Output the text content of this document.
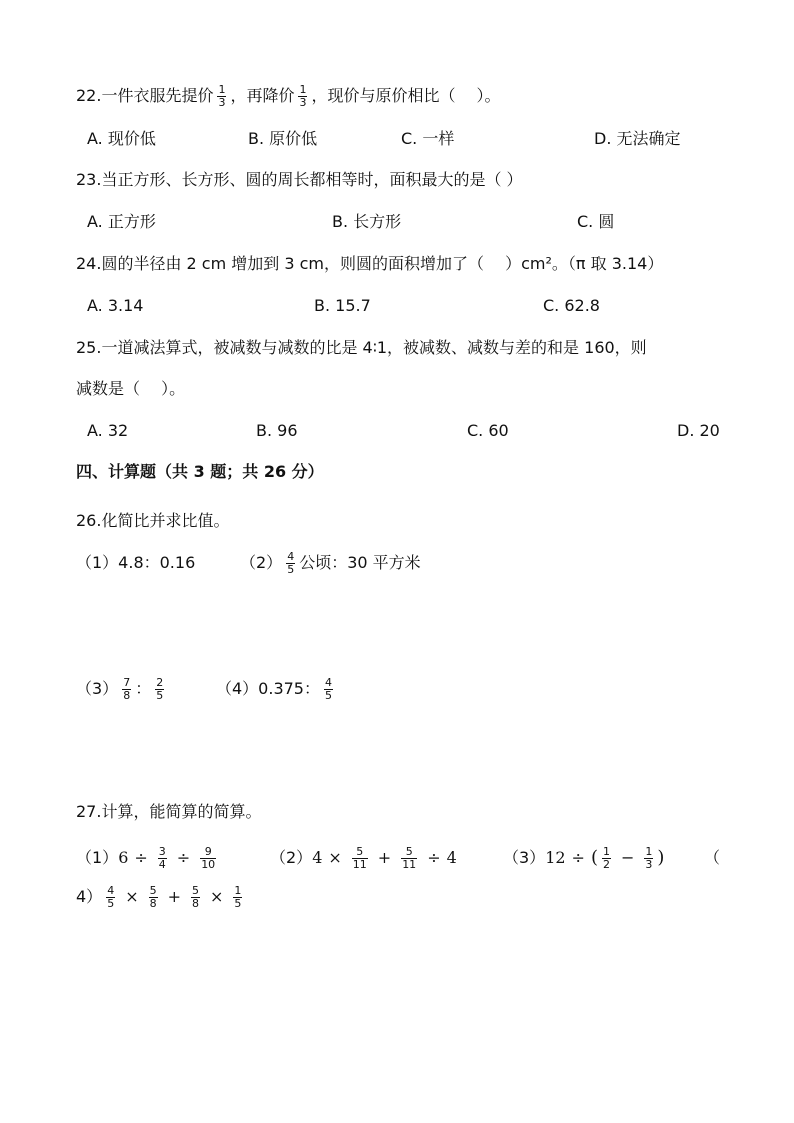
22.一件衣服先提价 $\frac{1}{3}$ ，再降价 $\frac{1}{3}$ ，现价与原价相比（　 ）。
A. 现价低	B. 原价低	C. 一样	D. 无法确定
23.当正方形、长方形、圆的周长都相等时，面积最大的是（ ）
A. 正方形	B. 长方形	C. 圆
24.圆的半径由 2 cm 增加到 3 cm，则圆的面积增加了（　 ）cm²。（π 取 3.14）
A. 3.14	B. 15.7	C. 62.8
25.一道减法算式，被减数与减数的比是 4∶1，被减数、减数与差的和是 160，则
减数是（　 ）。
A. 32	B. 96	C. 60	D. 20
四、计算题（共 3 题；共 26 分）
26.化简比并求比值。
（1）4.8：0.16	$(2) \frac{4}{5}$ 公顷：30 平方米
$(3) \frac{7}{8}$ ： $\frac{2}{5}$	（4）0.375： $\frac{4}{5}$
27.计算，能简算的简算。
$(1)6 \div \frac{3}{4} \div \frac{9}{10}$	$(2)4 \times \frac{5}{11} + \frac{5}{11} \div 4$	（3）12 ÷ ( $\frac{1}{2} - \frac{1}{3}$ ) （
$4) \frac{4}{5} \times \frac{5}{8} + \frac{5}{8} \times \frac{1}{5}$
